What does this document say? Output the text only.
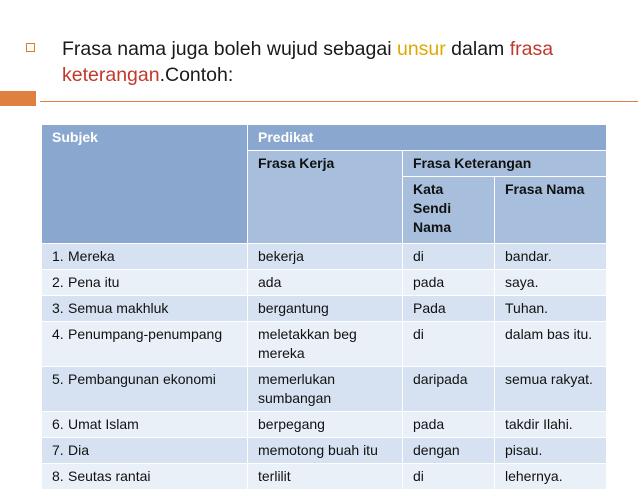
Frasa nama juga boleh wujud sebagai unsur dalam frasa keterangan.Contoh:
Subjek	Predikat		
	Frasa Kerja	Frasa Keterangan	
		Kata Sendi Nama	Frasa Nama

1. Mereka	bekerja	di	bandar.

2. Pena itu	ada	pada	saya.

3. Semua makhluk	bergantung	Pada	Tuhan.

4. Penumpang-penumpang	meletakkan beg mereka	di	dalam bas itu.

5. Pembangunan ekonomi	memerlukan sumbangan	daripada	semua rakyat.

6. Umat Islam	berpegang	pada	takdir Ilahi.

7. Dia	memotong buah itu	dengan	pisau.

8. Seutas rantai	terlilit	di	lehernya.
